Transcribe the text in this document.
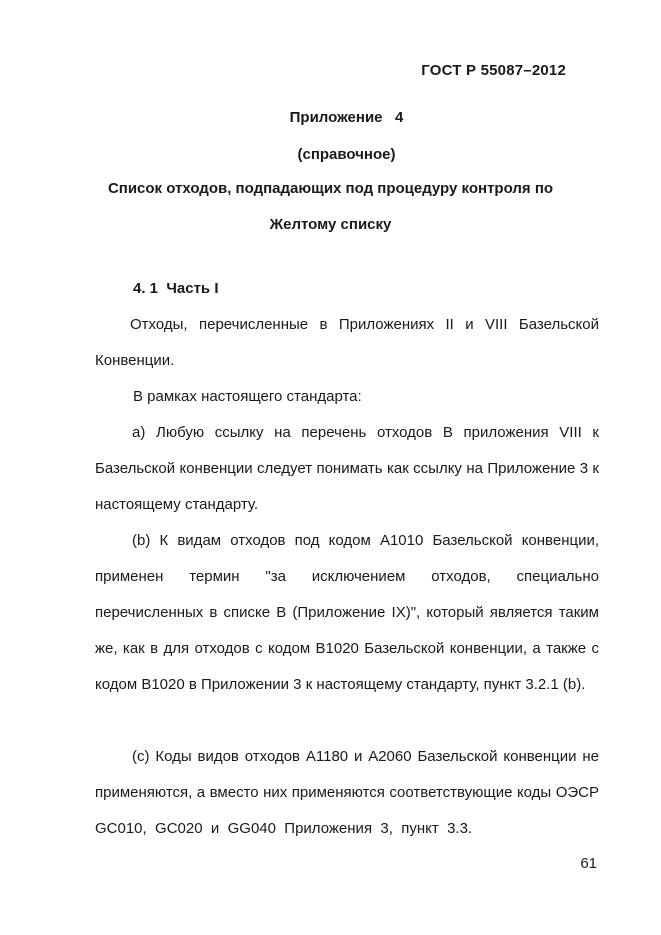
ГОСТ Р 55087–2012
Приложение   4
(справочное)
Список отходов, подпадающих под процедуру контроля по
Желтому списку
4. 1  Часть I
Отходы, перечисленные в Приложениях II и VIII Базельской Конвенции.
В рамках настоящего стандарта:
а) Любую ссылку на перечень отходов В приложения VIII к Базельской конвенции следует понимать как ссылку на Приложение 3 к настоящему стандарту.
(b) К видам отходов под кодом А1010 Базельской конвенции, применен термин "за исключением отходов, специально перечисленных в списке В (Приложение IX)", который является таким же, как в для отходов с кодом В1020 Базельской конвенции, а также с кодом В1020 в Приложении 3 к настоящему стандарту, пункт 3.2.1 (b).
(c) Коды видов отходов А1180 и А2060 Базельской конвенции не применяются, а вместо них применяются соответствующие коды ОЭСР    GC010,  GC020  и  GG040  Приложения  3,  пункт  3.3.
61
